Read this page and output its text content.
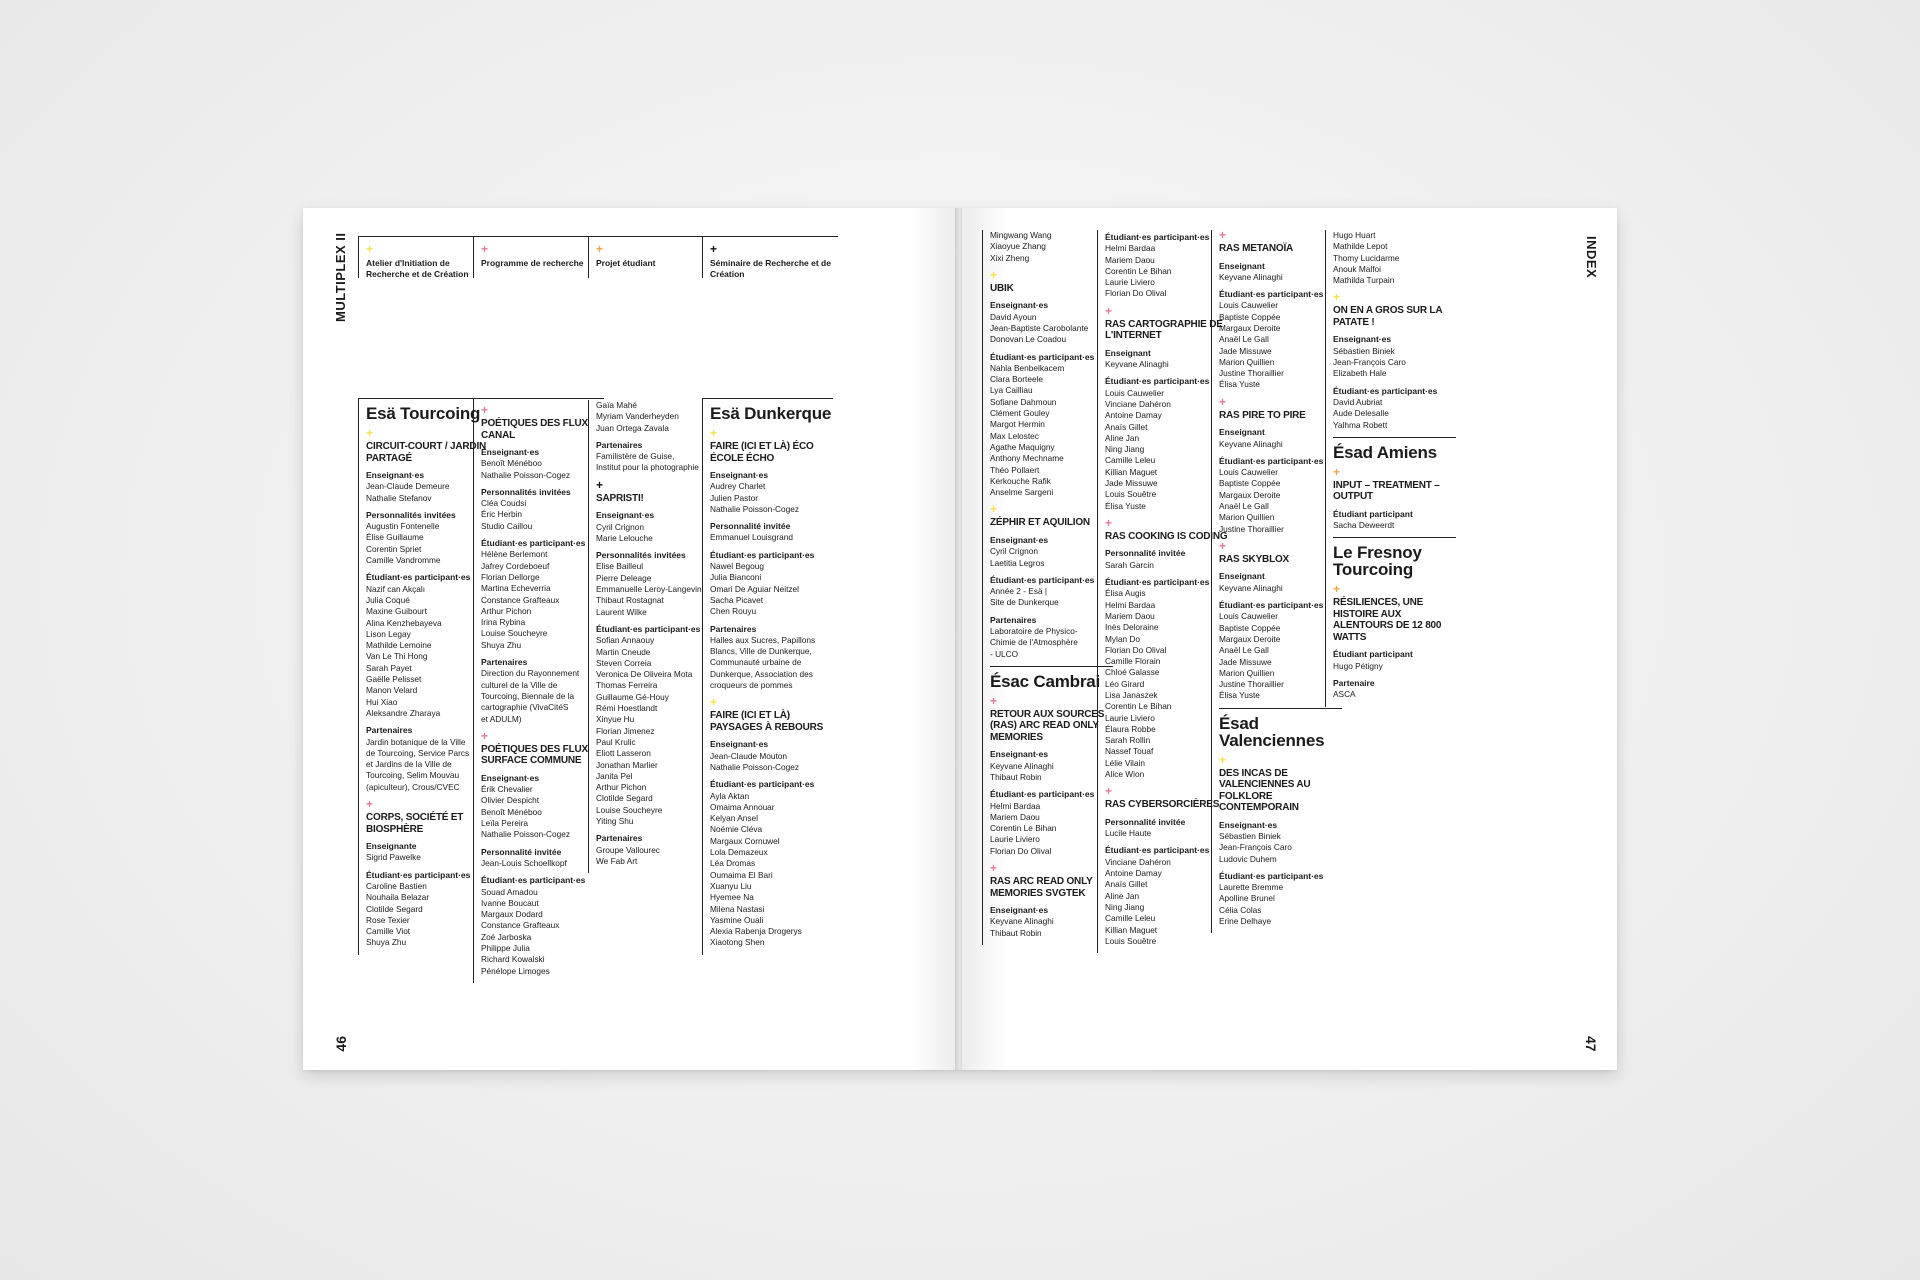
MULTIPLEX II
46
+
Atelier d'Initiation de Recherche et de Création
+
Programme de recherche
+
Projet étudiant
+
Séminaire de Recherche et de Création
Esä Tourcoing
+
CIRCUIT-COURT / JARDIN PARTAGÉ
Enseignant·es
Jean-Claude Demeure
Nathalie Stefanov
Personnalités invitées
Augustin Fontenelle
Élise Guillaume
Corentin Spriet
Camille Vandromme
Étudiant·es participant·es
Nazif can Akçalı
Julia Coqué
Maxine Guibourt
Alina Kenzhebayeva
Lison Legay
Mathilde Lemoine
Van Le Thi Hong
Sarah Payet
Gaëlle Pelisset
Manon Velard
Hui Xiao
Aleksandre Zharaya
Partenaires
Jardin botanique de la Ville
de Tourcoing, Service Parcs
et Jardins de la Ville de
Tourcoing, Selim Mouvau
(apiculteur), Crous/CVEC
+
CORPS, SOCIÉTÉ ET BIOSPHÈRE
Enseignante
Sigrid Pawelke
Étudiant·es participant·es
Caroline Bastien
Nouhaila Belazar
Clotilde Segard
Rose Texier
Camille Viot
Shuya Zhu
+
POÉTIQUES DES FLUX CANAL
Enseignant·es
Benoît Ménéboo
Nathalie Poisson-Cogez
Personnalités invitées
Cléa Coudsi
Éric Herbin
Studio Caillou
Étudiant·es participant·es
Hélène Berlemont
Jafrey Cordeboeuf
Florian Dellorge
Martina Echeverria
Constance Grafteaux
Arthur Pichon
Irina Rybina
Louise Soucheyre
Shuya Zhu
Partenaires
Direction du Rayonnement
culturel de la Ville de
Tourcoing, Biennale de la
cartographie (VivaCitéS
et ADULM)
+
POÉTIQUES DES FLUX SURFACE COMMUNE
Enseignant·es
Érik Chevalier
Olivier Despicht
Benoît Ménéboo
Leïla Pereira
Nathalie Poisson-Cogez
Personnalité invitée
Jean-Louis Schoellkopf
Étudiant·es participant·es
Souad Amadou
Ivanne Boucaut
Margaux Dodard
Constance Grafteaux
Zoé Jarboska
Philippe Julia
Richard Kowalski
Pénélope Limoges
Gaïa Mahé
Myriam Vanderheyden
Juan Ortega Zavala
Partenaires
Familistère de Guise,
Institut pour la photographie
+
SAPRISTI!
Enseignant·es
Cyril Crignon
Marie Lelouche
Personnalités invitées
Elise Bailleul
Pierre Deleage
Emmanuelle Leroy-Langevin
Thibaut Rostagnat
Laurent Wilke
Étudiant·es participant·es
Sofian Annaouy
Martin Cneude
Steven Correia
Veronica De Oliveira Mota
Thomas Ferreira
Guillaume Gé-Houy
Rémi Hoestlandt
Xinyue Hu
Florian Jimenez
Paul Krulic
Eliott Lasseron
Jonathan Marlier
Janita Pel
Arthur Pichon
Clotilde Segard
Louise Soucheyre
Yiting Shu
Partenaires
Groupe Vallourec
We Fab Art
Esä Dunkerque
+
FAIRE (ICI ET LÀ) ÉCO ÉCOLE ÉCHO
Enseignant·es
Audrey Charlet
Julien Pastor
Nathalie Poisson-Cogez
Personnalité invitée
Emmanuel Louisgrand
Étudiant·es participant·es
Nawel Begoug
Julia Bianconi
Omari De Aguiar Neitzel
Sacha Picavet
Chen Rouyu
Partenaires
Halles aux Sucres, Papillons
Blancs, Ville de Dunkerque,
Communauté urbaine de
Dunkerque, Association des
croqueurs de pommes
+
FAIRE (ICI ET LÀ) PAYSAGES À REBOURS
Enseignant·es
Jean-Claude Mouton
Nathalie Poisson-Cogez
Étudiant·es participant·es
Ayla Aktan
Omaima Annouar
Kelyan Ansel
Noémie Cléva
Margaux Cornuwel
Lola Demazeux
Léa Dromas
Oumaima El Bari
Xuanyu Liu
Hyemee Na
Milena Nastasi
Yasmine Ouali
Alexia Rabenja Drogerys
Xiaotong Shen
INDEX
47
Mingwang Wang
Xiaoyue Zhang
Xixi Zheng
+
UBIK
Enseignant·es
David Ayoun
Jean-Baptiste Carobolante
Donovan Le Coadou
Étudiant·es participant·es
Nahla Benbelkacem
Clara Borteele
Lya Cailliau
Sofiane Dahmoun
Clément Gouley
Margot Hermin
Max Lelostec
Agathe Maquigny
Anthony Mechname
Théo Pollaert
Kerkouche Rafik
Anselme Sargeni
+
ZÉPHIR ET AQUILION
Enseignant·es
Cyril Crignon
Laetitia Legros
Étudiant·es participant·es
Année 2 - Esä |
Site de Dunkerque
Partenaires
Laboratoire de Physico-
Chimie de l'Atmosphère
- ULCO
Ésac Cambrai
+
RETOUR AUX SOURCES (RAS) ARC READ ONLY MEMORIES
Enseignant·es
Keyvane Alinaghi
Thibaut Robin
Étudiant·es participant·es
Helmi Bardaa
Mariem Daou
Corentin Le Bihan
Laurie Liviero
Florian Do Olival
+
RAS ARC READ ONLY MEMORIES SVGTEK
Enseignant·es
Keyvane Alinaghi
Thibaut Robin
Étudiant·es participant·es
Helmi Bardaa
Mariem Daou
Corentin Le Bihan
Laurie Liviero
Florian Do Olival
+
RAS CARTOGRAPHIE DE L'INTERNET
Enseignant
Keyvane Alinaghi
Étudiant·es participant·es
Louis Cauwelier
Vinciane Dahéron
Antoine Damay
Anaïs Gillet
Aline Jan
Ning Jiang
Camille Leleu
Killian Maguet
Jade Missuwe
Louis Souêtre
Élisa Yuste
+
RAS COOKING IS CODING
Personnalité invitée
Sarah Garcin
Étudiant·es participant·es
Élisa Augis
Helmi Bardaa
Mariem Daou
Inès Deloraine
Mylan Do
Florian Do Olival
Camille Florain
Chloé Galasse
Léo Girard
Lisa Janaszek
Corentin Le Bihan
Laurie Liviero
Élaura Robbe
Sarah Rollin
Nassef Touaf
Lélie Vilain
Alice Wion
+
RAS CYBERSORCIÈRES
Personnalité invitée
Lucile Haute
Étudiant·es participant·es
Vinciane Dahéron
Antoine Damay
Anaïs Gillet
Aline Jan
Ning Jiang
Camille Leleu
Killian Maguet
Louis Souêtre
+
RAS METANOÏA
Enseignant
Keyvane Alinaghi
Étudiant·es participant·es
Louis Cauwelier
Baptiste Coppée
Margaux Deroite
Anaël Le Gall
Jade Missuwe
Marion Quillien
Justine Thoraillier
Élisa Yuste
+
RAS PIRE TO PIRE
Enseignant
Keyvane Alinaghi
Étudiant·es participant·es
Louis Cauwelier
Baptiste Coppée
Margaux Deroite
Anaël Le Gall
Marion Quillien
Justine Thoraillier
+
RAS SKYBLOX
Enseignant
Keyvane Alinaghi
Étudiant·es participant·es
Louis Cauwelier
Baptiste Coppée
Margaux Deroite
Anaël Le Gall
Jade Missuwe
Marion Quillien
Justine Thoraillier
Élisa Yuste
Ésad Valenciennes
+
DES INCAS DE VALENCIENNES AU FOLKLORE CONTEMPORAIN
Enseignant·es
Sébastien Biniek
Jean-François Caro
Ludovic Duhem
Étudiant·es participant·es
Laurette Bremme
Apolline Brunel
Célia Colas
Erine Delhaye
Hugo Huart
Mathilde Lepot
Thomy Lucidarme
Anouk Malfoi
Mathilda Turpain
+
ON EN A GROS SUR LA PATATE !
Enseignant·es
Sébastien Biniek
Jean-François Caro
Elizabeth Hale
Étudiant·es participant·es
David Aubriat
Aude Delesalle
Yalhma Robett
Ésad Amiens
+
INPUT – TREATMENT – OUTPUT
Étudiant participant
Sacha Deweerdt
Le Fresnoy Tourcoing
+
RÉSILIENCES, UNE HISTOIRE AUX ALENTOURS DE 12 800 WATTS
Étudiant participant
Hugo Pétigny
Partenaire
ASCA
